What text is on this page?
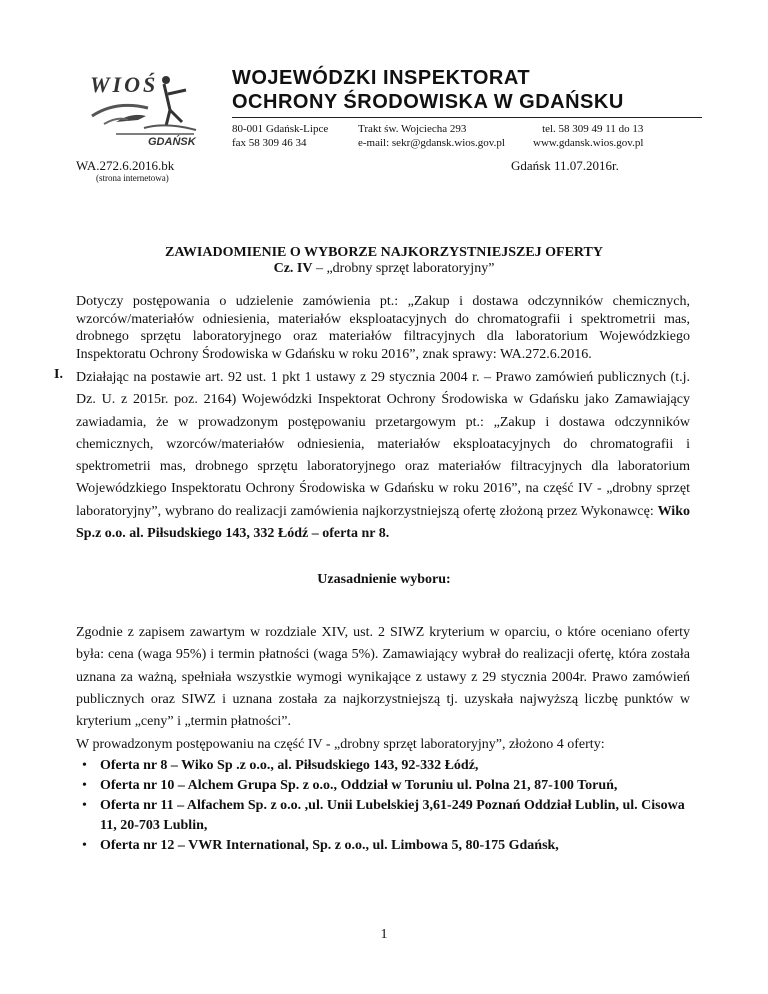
WIOŚ
GDAŃSK
WOJEWÓDZKI INSPEKTORAT
OCHRONY ŚRODOWISKA W GDAŃSKU
80-001 Gdańsk-Lipce
fax 58 309 46 34
Trakt św. Wojciecha 293
e-mail: sekr@gdansk.wios.gov.pl
tel. 58 309 49 11 do 13
www.gdansk.wios.gov.pl
WA.272.6.2016.bk
(strona internetowa)
Gdańsk 11.07.2016r.
ZAWIADOMIENIE O WYBORZE NAJKORZYSTNIEJSZEJ OFERTY
Cz. IV – „drobny sprzęt laboratoryjny”
Dotyczy postępowania o udzielenie zamówienia pt.: „Zakup i dostawa odczynników chemicznych, wzorców/materiałów odniesienia, materiałów eksploatacyjnych do chromatografii i spektrometrii mas, drobnego sprzętu laboratoryjnego oraz materiałów filtracyjnych dla laboratorium Wojewódzkiego Inspektoratu Ochrony Środowiska w Gdańsku w roku 2016”, znak sprawy: WA.272.6.2016.
I. Działając na postawie art. 92 ust. 1 pkt 1 ustawy z 29 stycznia 2004 r. – Prawo zamówień publicznych (t.j. Dz. U. z 2015r. poz. 2164) Wojewódzki Inspektorat Ochrony Środowiska w Gdańsku jako Zamawiający zawiadamia, że w prowadzonym postępowaniu przetargowym pt.: „Zakup i dostawa odczynników chemicznych, wzorców/materiałów odniesienia, materiałów eksploatacyjnych do chromatografii i spektrometrii mas, drobnego sprzętu laboratoryjnego oraz materiałów filtracyjnych dla laboratorium Wojewódzkiego Inspektoratu Ochrony Środowiska w Gdańsku w roku 2016”, na część IV - „drobny sprzęt laboratoryjny”, wybrano do realizacji zamówienia najkorzystniejszą ofertę złożoną przez Wykonawcę: Wiko Sp.z o.o. al. Piłsudskiego 143, 332 Łódź – oferta nr 8.
Uzasadnienie wyboru:
Zgodnie z zapisem zawartym w rozdziale XIV, ust. 2 SIWZ kryterium w oparciu, o które oceniano oferty była: cena (waga 95%) i termin płatności (waga 5%). Zamawiający wybrał do realizacji ofertę, która została uznana za ważną, spełniała wszystkie wymogi wynikające z ustawy z 29 stycznia 2004r. Prawo zamówień publicznych oraz SIWZ i uznana została za najkorzystniejszą tj. uzyskała najwyższą liczbę punktów w kryterium „ceny” i „termin płatności”.
W prowadzonym postępowaniu na część IV - „drobny sprzęt laboratoryjny”, złożono 4 oferty:
• Oferta nr 8 – Wiko Sp .z o.o., al. Piłsudskiego 143, 92-332 Łódź,
• Oferta nr 10 – Alchem Grupa Sp. z o.o., Oddział w Toruniu ul. Polna 21, 87-100 Toruń,
• Oferta nr 11 – Alfachem Sp. z o.o. ,ul. Unii Lubelskiej 3,61-249 Poznań Oddział Lublin, ul. Cisowa 11, 20-703 Lublin,
• Oferta nr 12 – VWR International, Sp. z o.o., ul. Limbowa 5, 80-175 Gdańsk,
1
